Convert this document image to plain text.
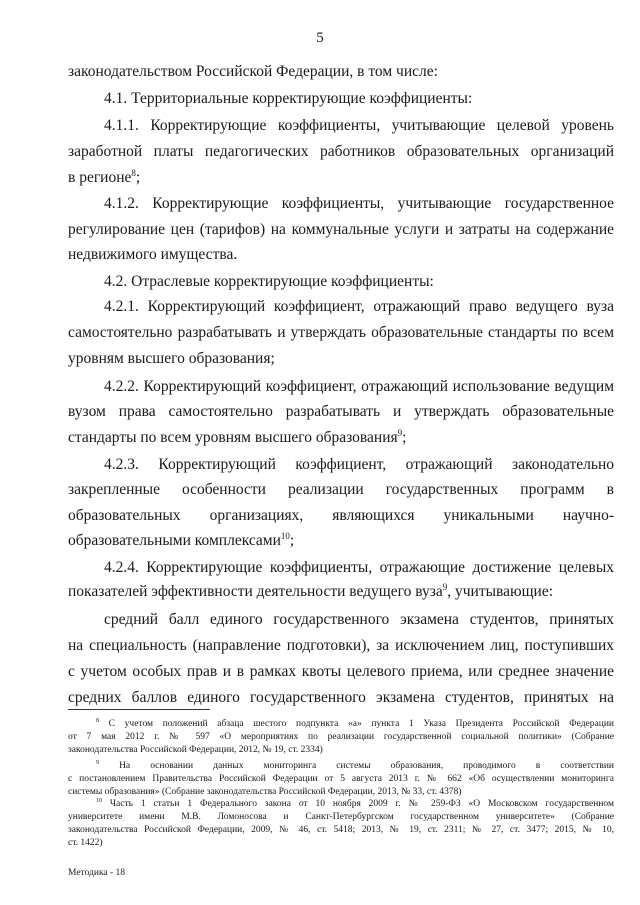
5
законодательством Российской Федерации, в том числе:
4.1. Территориальные корректирующие коэффициенты:
4.1.1. Корректирующие коэффициенты, учитывающие целевой уровень
заработной платы педагогических работников образовательных организаций
в регионе$^8$;
4.1.2. Корректирующие коэффициенты, учитывающие государственное
регулирование цен (тарифов) на коммунальные услуги и затраты на содержание
недвижимого имущества.
4.2. Отраслевые корректирующие коэффициенты:
4.2.1. Корректирующий коэффициент, отражающий право ведущего вуза
самостоятельно разрабатывать и утверждать образовательные стандарты по всем
уровням высшего образования;
4.2.2. Корректирующий коэффициент, отражающий использование ведущим
вузом права самостоятельно разрабатывать и утверждать образовательные
стандарты по всем уровням высшего образования$^9$;
4.2.3. Корректирующий коэффициент, отражающий законодательно
закрепленные особенности реализации государственных программ в
образовательных организациях, являющихся уникальными научно-
образовательными комплексами$^{10}$;
4.2.4. Корректирующие коэффициенты, отражающие достижение целевых
показателей эффективности деятельности ведущего вуза$^9$, учитывающие:
средний балл единого государственного экзамена студентов, принятых
на специальность (направление подготовки), за исключением лиц, поступивших
с учетом особых прав и в рамках квоты целевого приема, или среднее значение
средних баллов единого государственного экзамена студентов, принятых на
$^8$ С учетом положений абзаца шестого подпункта «а» пункта 1 Указа Президента Российской Федерации
от 7 мая 2012 г. № 597 «О мероприятиях по реализации государственной социальной политики» (Собрание
законодательства Российской Федерации, 2012, № 19, ст. 2334)
$^9$ На основании данных мониторинга системы образования, проводимого в соответствии
с постановлением Правительства Российской Федерации от 5 августа 2013 г. № 662 «Об осуществлении мониторинга
системы образования» (Собрание законодательства Российской Федерации, 2013, № 33, ст. 4378)
$^{10}$ Часть 1 статьи 1 Федерального закона от 10 ноября 2009 г. № 259-ФЗ «О Московском государственном
университете имени М.В. Ломоносова и Санкт-Петербургском государственном университете» (Собрание
законодательства Российской Федерации, 2009, № 46, ст. 5418; 2013, № 19, ст. 2311; № 27, ст. 3477; 2015, № 10,
ст. 1422)
Методика - 18
